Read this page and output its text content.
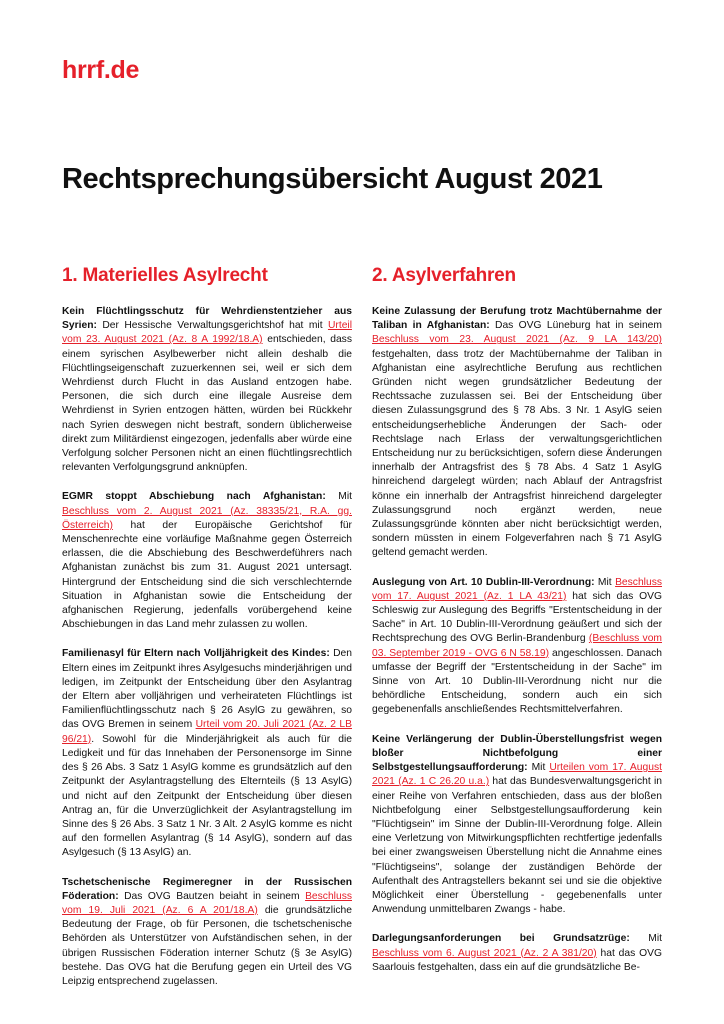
hrrf.de
Rechtsprechungsübersicht August 2021
1. Materielles Asylrecht

Kein Flüchtlingsschutz für Wehrdienstentzieher aus Syrien: Der Hessische Verwaltungsgerichtshof hat mit Urteil vom 23. August 2021 (Az. 8 A 1992/18.A) entschieden, dass einem syrischen Asylbewerber nicht allein deshalb die Flüchtlingseigenschaft zuzuerkennen sei, weil er sich dem Wehrdienst durch Flucht in das Ausland entzogen habe. Personen, die sich durch eine illegale Ausreise dem Wehrdienst in Syrien entzogen hätten, würden bei Rückkehr nach Syrien deswegen nicht bestraft, sondern üblicherweise direkt zum Militärdienst eingezogen, jedenfalls aber würde eine Verfolgung solcher Personen nicht an einen flüchtlingsrechtlich relevanten Verfolgungsgrund anknüpfen.

EGMR stoppt Abschiebung nach Afghanistan: Mit Beschluss vom 2. August 2021 (Az. 38335/21, R.A. gg. Österreich) hat der Europäische Gerichtshof für Menschenrechte eine vorläufige Maßnahme gegen Österreich erlassen, die die Abschiebung des Beschwerdeführers nach Afghanistan zunächst bis zum 31. August 2021 untersagt. Hintergrund der Entscheidung sind die sich verschlechternde Situation in Afghanistan sowie die Entscheidung der afghanischen Regierung, jedenfalls vorübergehend keine Abschiebungen in das Land mehr zulassen zu wollen.

Familienasyl für Eltern nach Volljährigkeit des Kindes: Den Eltern eines im Zeitpunkt ihres Asylgesuchs minderjährigen und ledigen, im Zeitpunkt der Entscheidung über den Asylantrag der Eltern aber volljährigen und verheirateten Flüchtlings ist Familienflüchtlingsschutz nach § 26 AsylG zu gewähren, so das OVG Bremen in seinem Urteil vom 20. Juli 2021 (Az. 2 LB 96/21). Sowohl für die Minderjährigkeit als auch für die Ledigkeit und für das Innehaben der Personensorge im Sinne des § 26 Abs. 3 Satz 1 AsylG komme es grundsätzlich auf den Zeitpunkt der Asylantragstellung des Elternteils (§ 13 AsylG) und nicht auf den Zeitpunkt der Entscheidung über diesen Antrag an, für die Unverzüglichkeit der Asylantragstellung im Sinne des § 26 Abs. 3 Satz 1 Nr. 3 Alt. 2 AsylG komme es nicht auf den formellen Asylantrag (§ 14 AsylG), sondern auf das Asylgesuch (§ 13 AsylG) an.

Tschetschenische Regimeregner in der Russischen Föderation: Das OVG Bautzen beiaht in seinem Beschluss vom 19. Juli 2021 (Az. 6 A 201/18.A) die grundsätzliche Bedeutung der Frage, ob für Personen, die tschetschenische Behörden als Unterstützer von Aufständischen sehen, in der übrigen Russischen Föderation interner Schutz (§ 3e AsylG) bestehe. Das OVG hat die Berufung gegen ein Urteil des VG Leipzig entsprechend zugelassen.

2. Asylverfahren

Keine Zulassung der Berufung trotz Machtübernahme der Taliban in Afghanistan: Das OVG Lüneburg hat in seinem Beschluss vom 23. August 2021 (Az. 9 LA 143/20) festgehalten, dass trotz der Machtübernahme der Taliban in Afghanistan eine asylrechtliche Berufung aus rechtlichen Gründen nicht wegen grundsätzlicher Bedeutung der Rechtssache zuzulassen sei. Bei der Entscheidung über diesen Zulassungsgrund des § 78 Abs. 3 Nr. 1 AsylG seien entscheidungserhebliche Änderungen der Sach- oder Rechtslage nach Erlass der verwaltungsgerichtlichen Entscheidung nur zu berücksichtigen, sofern diese Änderungen innerhalb der Antragsfrist des § 78 Abs. 4 Satz 1 AsylG hinreichend dargelegt würden; nach Ablauf der Antragsfrist könne ein innerhalb der Antragsfrist hinreichend dargelegter Zulassungsgrund noch ergänzt werden, neue Zulassungsgründe könnten aber nicht berücksichtigt werden, sondern müssten in einem Folgeverfahren nach § 71 AsylG geltend gemacht werden.

Auslegung von Art. 10 Dublin-III-Verordnung: Mit Beschluss vom 17. August 2021 (Az. 1 LA 43/21) hat sich das OVG Schleswig zur Auslegung des Begriffs "Erstentscheidung in der Sache" in Art. 10 Dublin-III-Verordnung geäußert und sich der Rechtsprechung des OVG Berlin-Brandenburg (Beschluss vom 03. September 2019 - OVG 6 N 58.19) angeschlossen. Danach umfasse der Begriff der "Erstentscheidung in der Sache" im Sinne von Art. 10 Dublin-III-Verordnung nicht nur die behördliche Entscheidung, sondern auch ein sich gegebenenfalls anschließendes Rechtsmittelverfahren.

Keine Verlängerung der Dublin-Überstellungsfrist wegen bloßer Nichtbefolgung einer Selbstgestellungsaufforderung: Mit Urteilen vom 17. August 2021 (Az. 1 C 26.20 u.a.) hat das Bundesverwaltungsgericht in einer Reihe von Verfahren entschieden, dass aus der bloßen Nichtbefolgung einer Selbstgestellungsaufforderung kein "Flüchtigsein" im Sinne der Dublin-III-Verordnung folge. Allein eine Verletzung von Mitwirkungspflichten rechtfertige jedenfalls bei einer zwangsweisen Überstellung nicht die Annahme eines "Flüchtigseins", solange der zuständigen Behörde der Aufenthalt des Antragstellers bekannt sei und sie die objektive Möglichkeit einer Überstellung - gegebenenfalls unter Anwendung unmittelbaren Zwangs - habe.

Darlegungsanforderungen bei Grundsatzrüge: Mit Beschluss vom 6. August 2021 (Az. 2 A 381/20) hat das OVG Saarlouis festgehalten, dass ein auf die grundsätzliche Be-
